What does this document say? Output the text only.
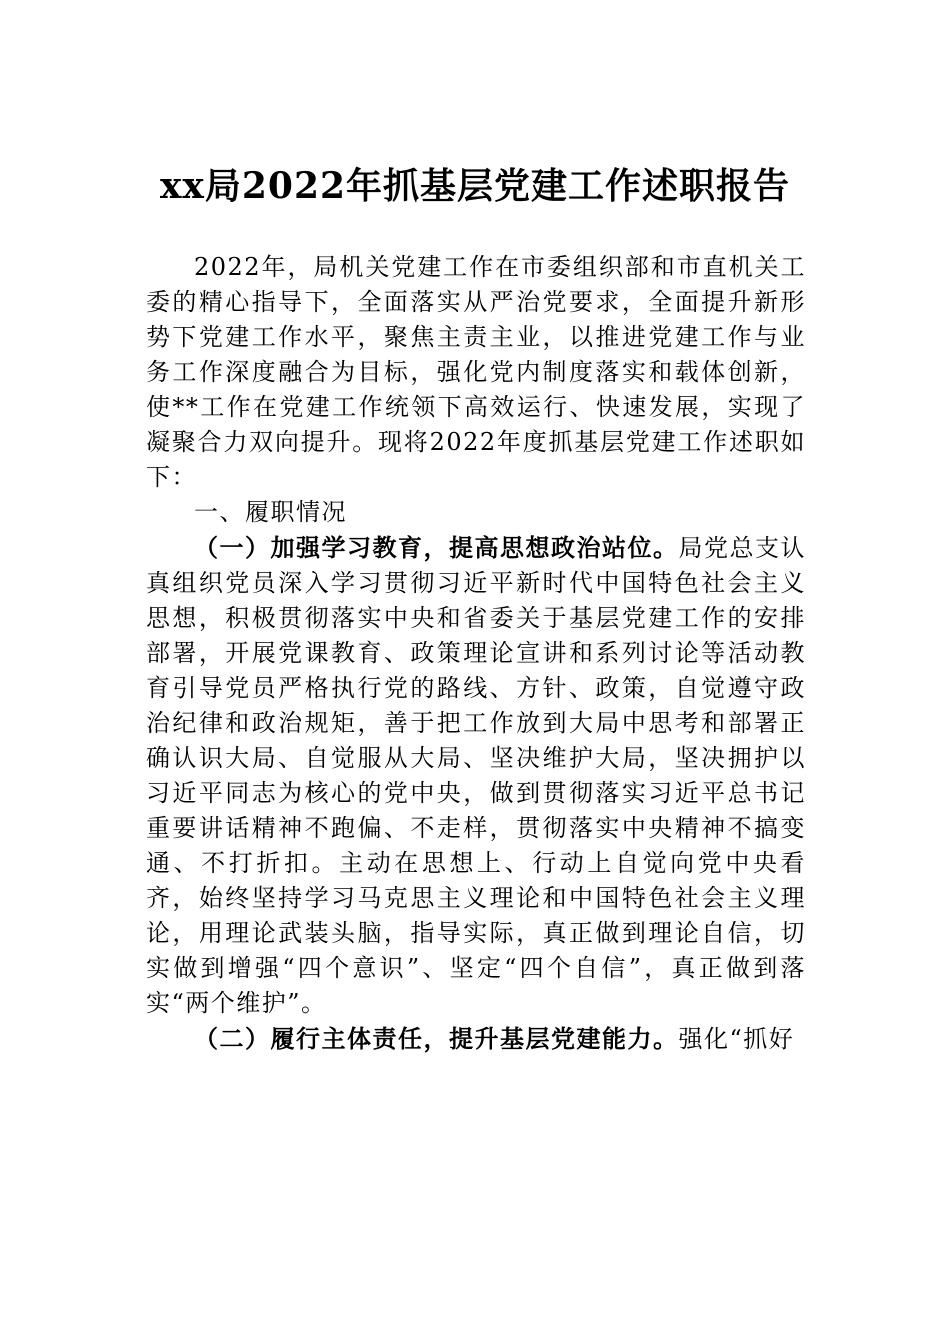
xx局2022年抓基层党建工作述职报告

2022年，局机关党建工作在市委组织部和市直机关工委的精心指导下，全面落实从严治党要求，全面提升新形势下党建工作水平，聚焦主责主业，以推进党建工作与业务工作深度融合为目标，强化党内制度落实和载体创新，使**工作在党建工作统领下高效运行、快速发展，实现了凝聚合力双向提升。现将2022年度抓基层党建工作述职如下：

一、履职情况

（一）加强学习教育，提高思想政治站位。局党总支认真组织党员深入学习贯彻习近平新时代中国特色社会主义思想，积极贯彻落实中央和省委关于基层党建工作的安排部署，开展党课教育、政策理论宣讲和系列讨论等活动教育引导党员严格执行党的路线、方针、政策，自觉遵守政治纪律和政治规矩，善于把工作放到大局中思考和部署正确认识大局、自觉服从大局、坚决维护大局，坚决拥护以习近平同志为核心的党中央，做到贯彻落实习近平总书记重要讲话精神不跑偏、不走样，贯彻落实中央精神不搞变通、不打折扣。主动在思想上、行动上自觉向党中央看齐，始终坚持学习马克思主义理论和中国特色社会主义理论，用理论武装头脑，指导实际，真正做到理论自信，切实做到增强“四个意识”、坚定“四个自信”，真正做到落实“两个维护”。

（二）履行主体责任，提升基层党建能力。强化“抓好
